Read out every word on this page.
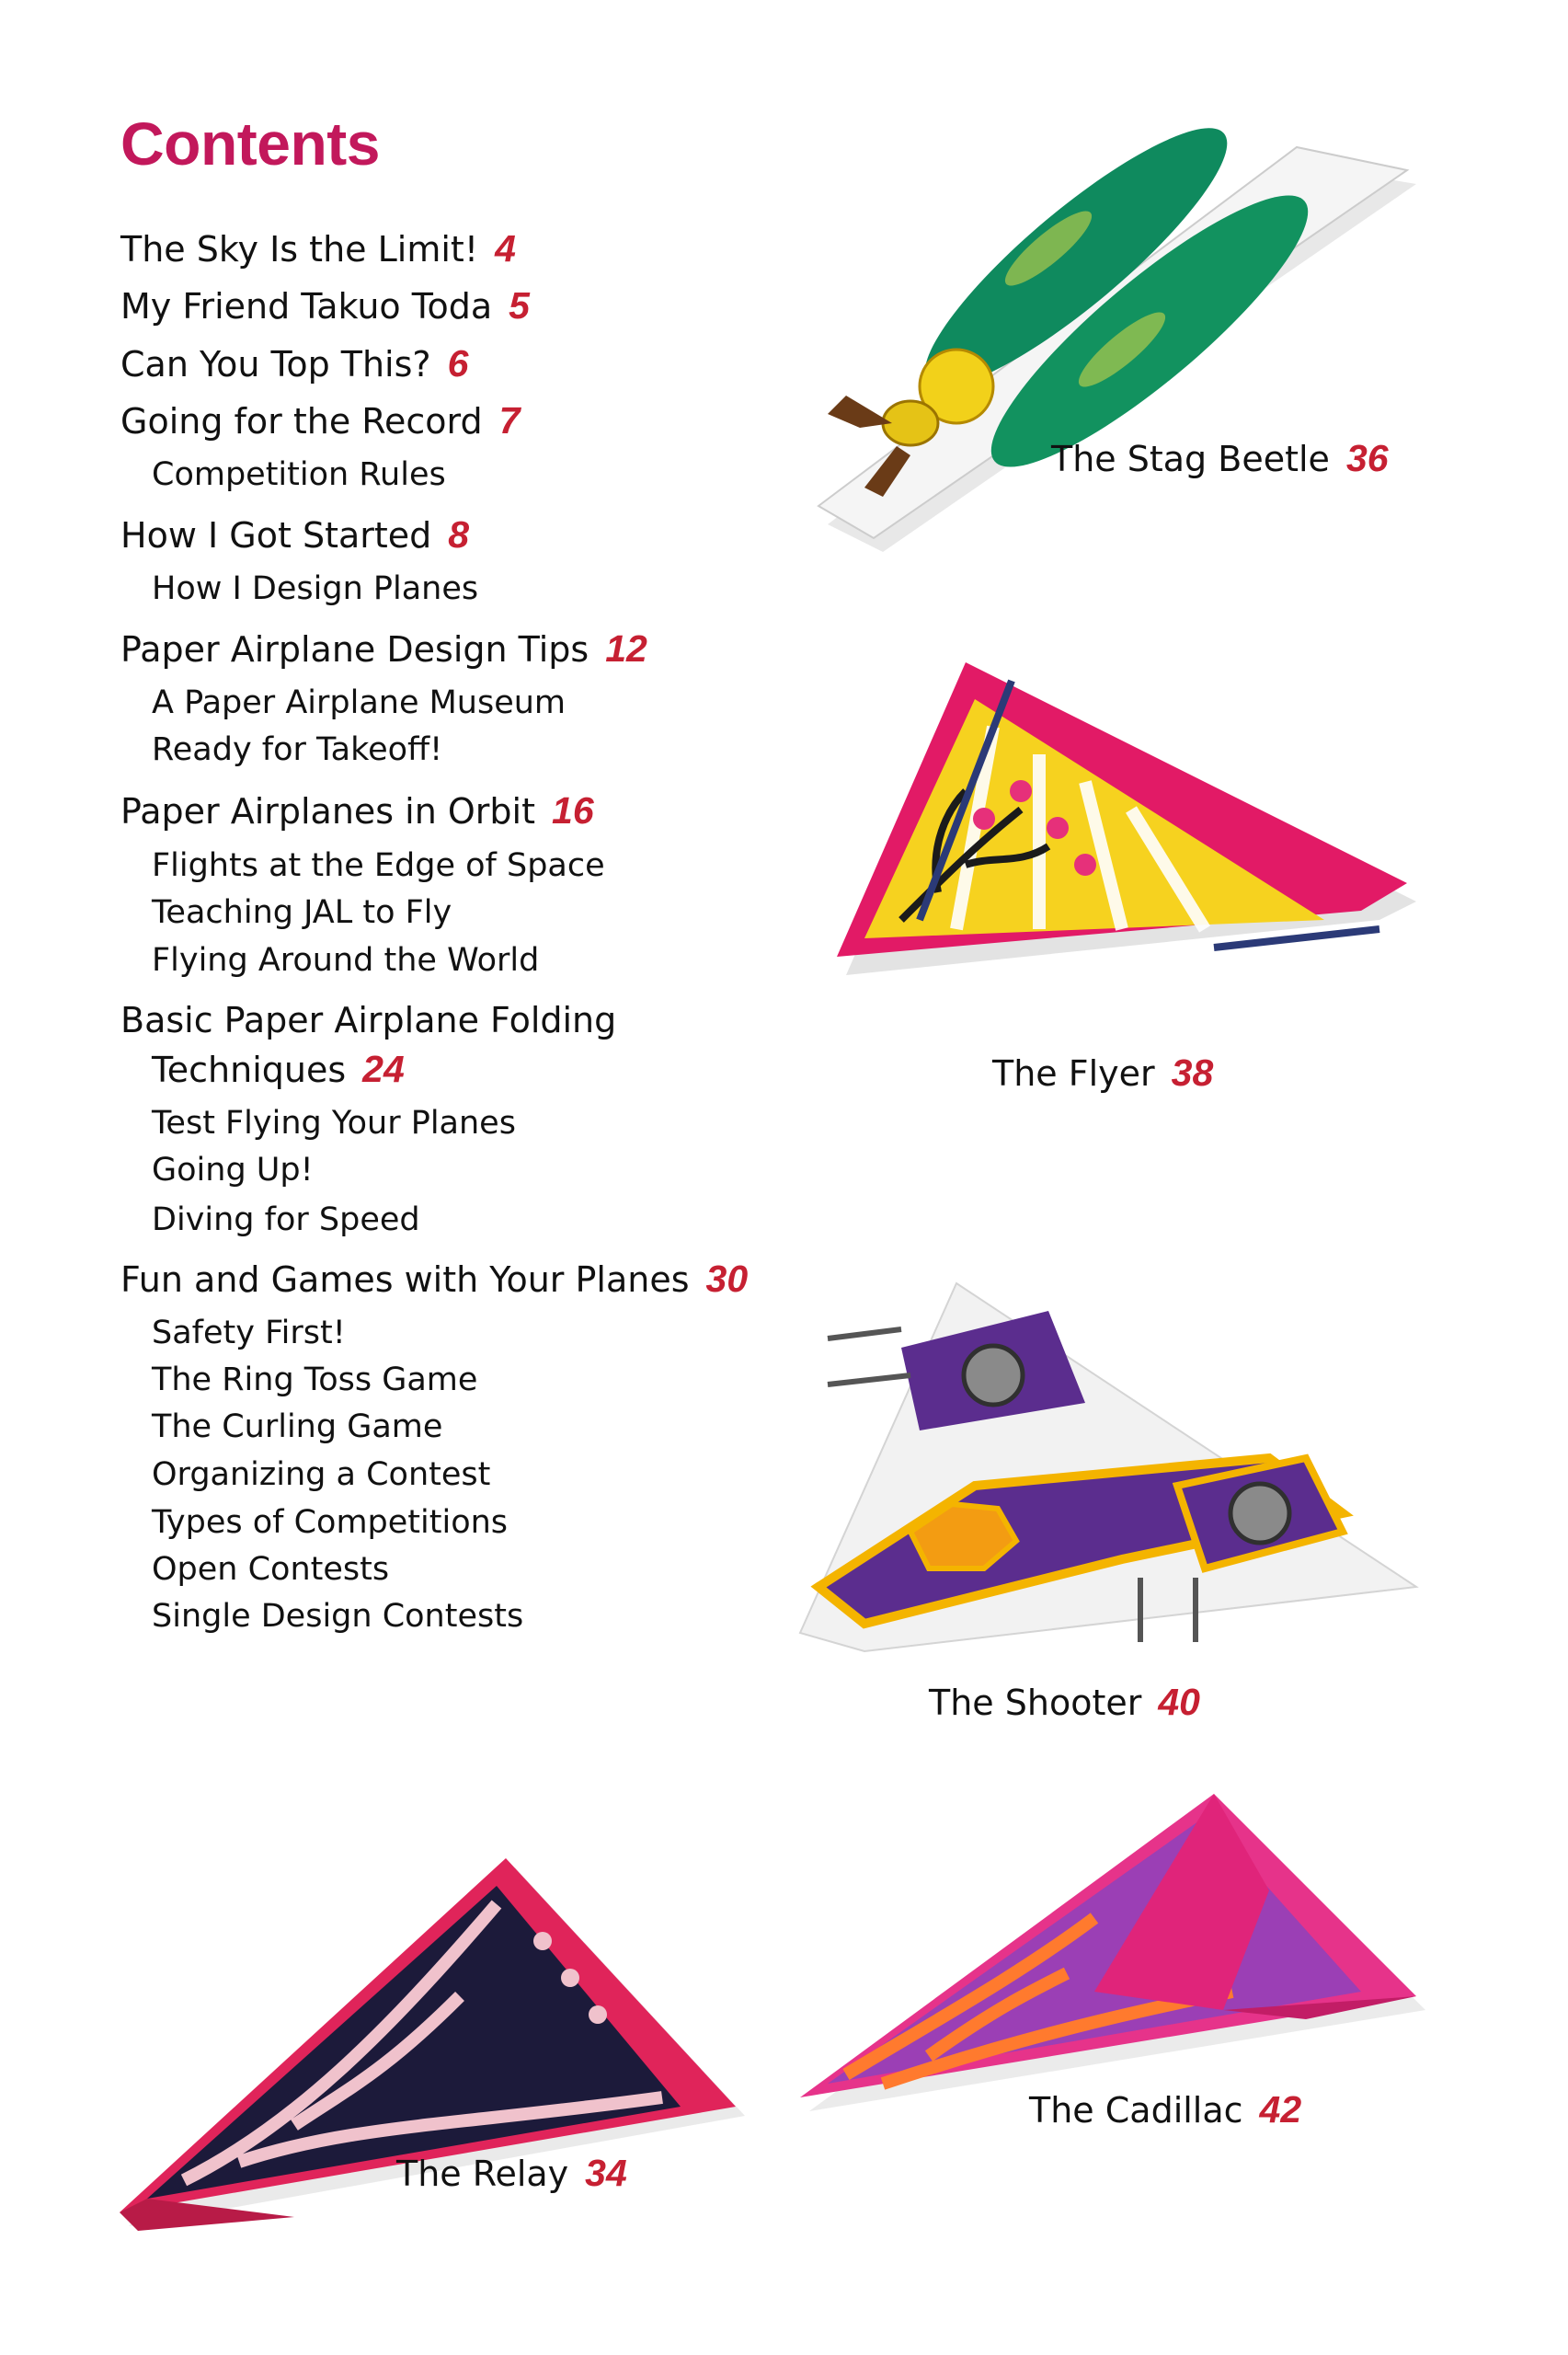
Contents
The Sky Is the Limit! 4
My Friend Takuo Toda 5
Can You Top This? 6
Going for the Record 7
Competition Rules
How I Got Started 8
How I Design Planes
Paper Airplane Design Tips 12
A Paper Airplane Museum
Ready for Takeoff!
Paper Airplanes in Orbit 16
Flights at the Edge of Space
Teaching JAL to Fly
Flying Around the World
Basic Paper Airplane Folding
Techniques 24
Test Flying Your Planes
Going Up!
Diving for Speed
Fun and Games with Your Planes 30
Safety First!
The Ring Toss Game
The Curling Game
Organizing a Contest
Types of Competitions
Open Contests
Single Design Contests
The Stag Beetle 36
The Flyer 38
The Shooter 40
The Relay 34
The Cadillac 42
